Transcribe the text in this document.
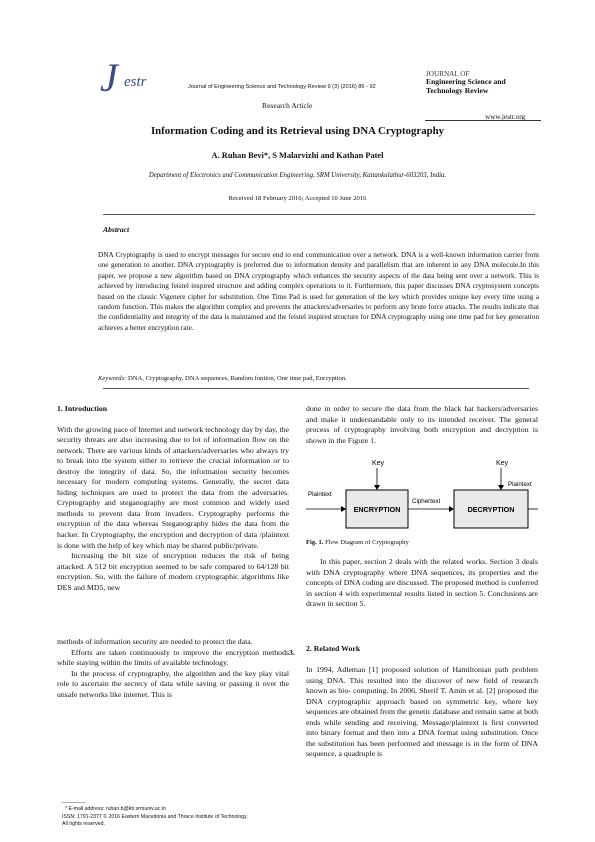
J estr	Journal of Engineering Science and Technology Review 9 (3) (2016) 86 - 92
JOURNAL OF
Engineering Science and Technology Review
www.jestr.org
Research Article
Information Coding and its Retrieval using DNA Cryptography
A. Ruhan Bevi*, S Malarvizhi and Kathan Patel
Department of Electronics and Communication Engineering, SRM University, Kattankulathur-603203, India.
Received 18 February 2016; Accepted 10 June 2016
Abstract
DNA Cryptography is used to encrypt messages for secure end to end communication over a network. DNA is a well-known information carrier from one generation to another. DNA cryptography is preferred due to information density and parallelism that are inherent in any DNA molecule.In this paper, we propose a new algorithm based on DNA cryptography which enhances the security aspects of the data being sent over a network. This is achieved by introducing feistel inspired structure and adding complex operations to it. Furthermore, this paper discusses DNA cryptosystem concepts based on the classic Vigenere cipher for substitution. One Time Pad is used for generation of the key which provides unique key every time using a random function. This makes the algorithm complex and prevents the attackers/adversaries to perform any brute force attacks. The results indicate that the confidentiality and integrity of the data is maintained and the feistel inspired structure for DNA cryptography using one time pad for key generation achieves a better encryption rate.
Keywords: DNA, Cryptography, DNA sequences, Random funtion, One time pad, Encryption.

1. Introduction

With the growing pace of Internet and network technology day by day, the security threats are also increasing due to lot of information flow on the network. There are various kinds of attackers/adversaries who always try to break into the system either to retrieve the crucial information or to destroy the integrity of data. So, the information security becomes necessary for modern computing systems. Generally, the secret data hiding techniques are used to protect the data from the adversaries. Cryptography and steganography are most common and widely used methods to prevent data from invaders. Cryptography performs the encryption of the data whereas Steganography hides the data from the hacker. In Cryptography, the encryption and decryption of data /plaintext is done with the help of key which may be shared public/private.

Increasing the bit size of encryption reduces the risk of being attacked. A 512 bit encryption seemed to be safe compared to 64/128 bit encryption. So, with the failure of modern cryptographic algorithms like DES and MD5, new

methods of information security are needed to protect the data.

Efforts are taken continuously to improve the encryption methods while staying within the limits of available technology.

In the process of cryptography, the algorithm and the key play vital role to ascertain the secrecy of data while saving or passing it over the unsafe networks like internet. This is

3.
________
* E-mail address: ruhan.b@ktr.srmuniv.ac.in
ISSN: 1791-2377 © 2016 Eastern Macedonia and Thrace Institute of Technology.
All rights reserved.

done in order to secure the data from the black hat hackers/adversaries and make it understandable only to its intended receiver. The general process of cryptography involving both encryption and decryption is shown in the Figure 1.

Key	Key
ENCRYPTION	DECRYPTION
Plaintext
Ciphertext
Plaintext
Fig. 1. Flow Diagram of Cryptography

In this paper, section 2 deals with the related works. Section 3 deals with DNA cryptography where DNA sequences, its properties and the concepts of DNA coding are discussed. The proposed method is conferred in section 4 with experimental results listed in section 5. Conclusions are drawn in section 5.

2. Related Work

In 1994, Adleman [1] proposed solution of Hamiltonian path problem using DNA. This resulted into the discover of new field of research known as bio- computing. In 2006, Sherif T. Amin et al. [2] proposed the DNA cryptographic approach based on symmetric key, where key sequences are obtained from the genetic database and remain same at both ends while sending and receiving. Message/plaintext is first converted into binary format and then into a DNA format using substitution. Once the substitution has been performed and message is in the form of DNA sequence, a quadruple is
